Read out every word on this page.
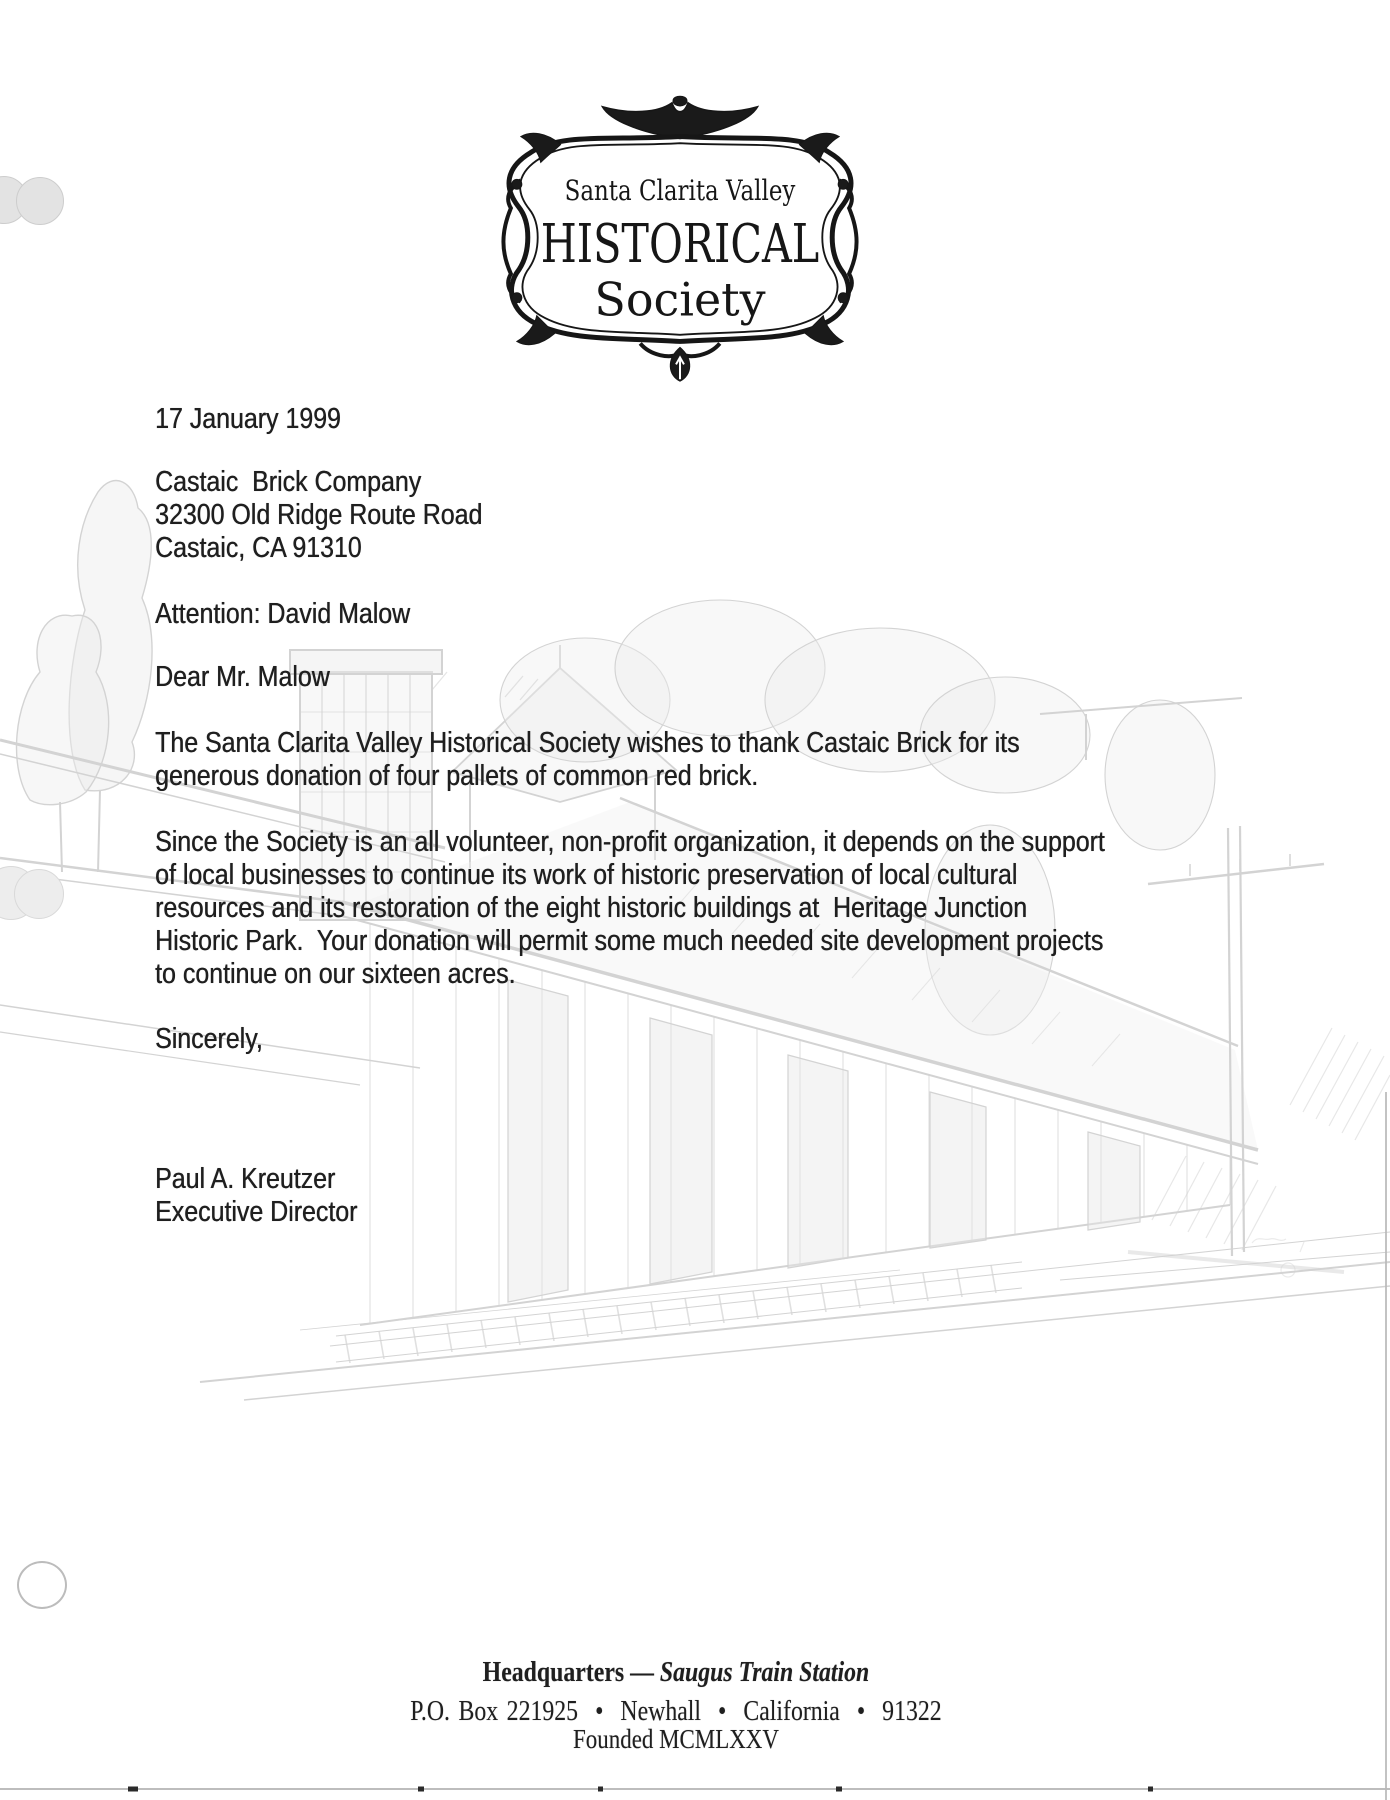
Santa Clarita Valley
HISTORICAL
Society
17 January 1999
Castaic  Brick Company
32300 Old Ridge Route Road
Castaic, CA 91310
Attention: David Malow
Dear Mr. Malow
The Santa Clarita Valley Historical Society wishes to thank Castaic Brick for its
generous donation of four pallets of common red brick.
Since the Society is an all volunteer, non-profit organization, it depends on the support
of local businesses to continue its work of historic preservation of local cultural
resources and its restoration of the eight historic buildings at  Heritage Junction
Historic Park.  Your donation will permit some much needed site development projects
to continue on our sixteen acres.
Sincerely,
Paul A. Kreutzer
Executive Director
Headquarters — Saugus Train Station
P.O. Box 221925  •  Newhall  •  California  •  91322
Founded MCMLXXV
